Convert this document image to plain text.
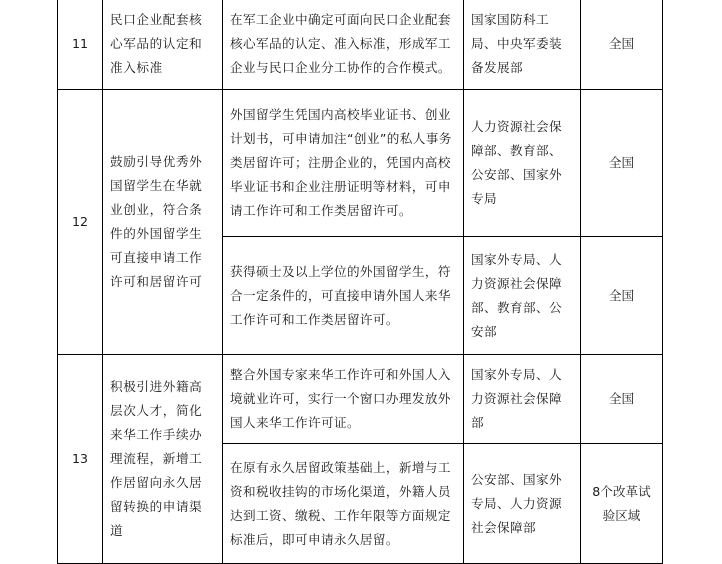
11	民口企业配套核心军品的认定和准入标准	在军工企业中确定可面向民口企业配套核心军品的认定、准入标准，形成军工企业与民口企业分工协作的合作模式。	国家国防科工局、中央军委装备发展部	全国
12	鼓励引导优秀外国留学生在华就业创业，符合条件的外国留学生可直接申请工作许可和居留许可	外国留学生凭国内高校毕业证书、创业计划书，可申请加注“创业”的私人事务类居留许可；注册企业的，凭国内高校毕业证书和企业注册证明等材料，可申请工作许可和工作类居留许可。	人力资源社会保障部、教育部、公安部、国家外专局	全国
		获得硕士及以上学位的外国留学生，符合一定条件的，可直接申请外国人来华工作许可和工作类居留许可。	国家外专局、人力资源社会保障部、教育部、公安部	全国
13	积极引进外籍高层次人才，简化来华工作手续办理流程，新增工作居留向永久居留转换的申请渠道	整合外国专家来华工作许可和外国人入境就业许可，实行一个窗口办理发放外国人来华工作许可证。	国家外专局、人力资源社会保障部	全国
		在原有永久居留政策基础上，新增与工资和税收挂钩的市场化渠道，外籍人员达到工资、缴税、工作年限等方面规定标准后，即可申请永久居留。	公安部、国家外专局、人力资源社会保障部	8个改革试验区域
